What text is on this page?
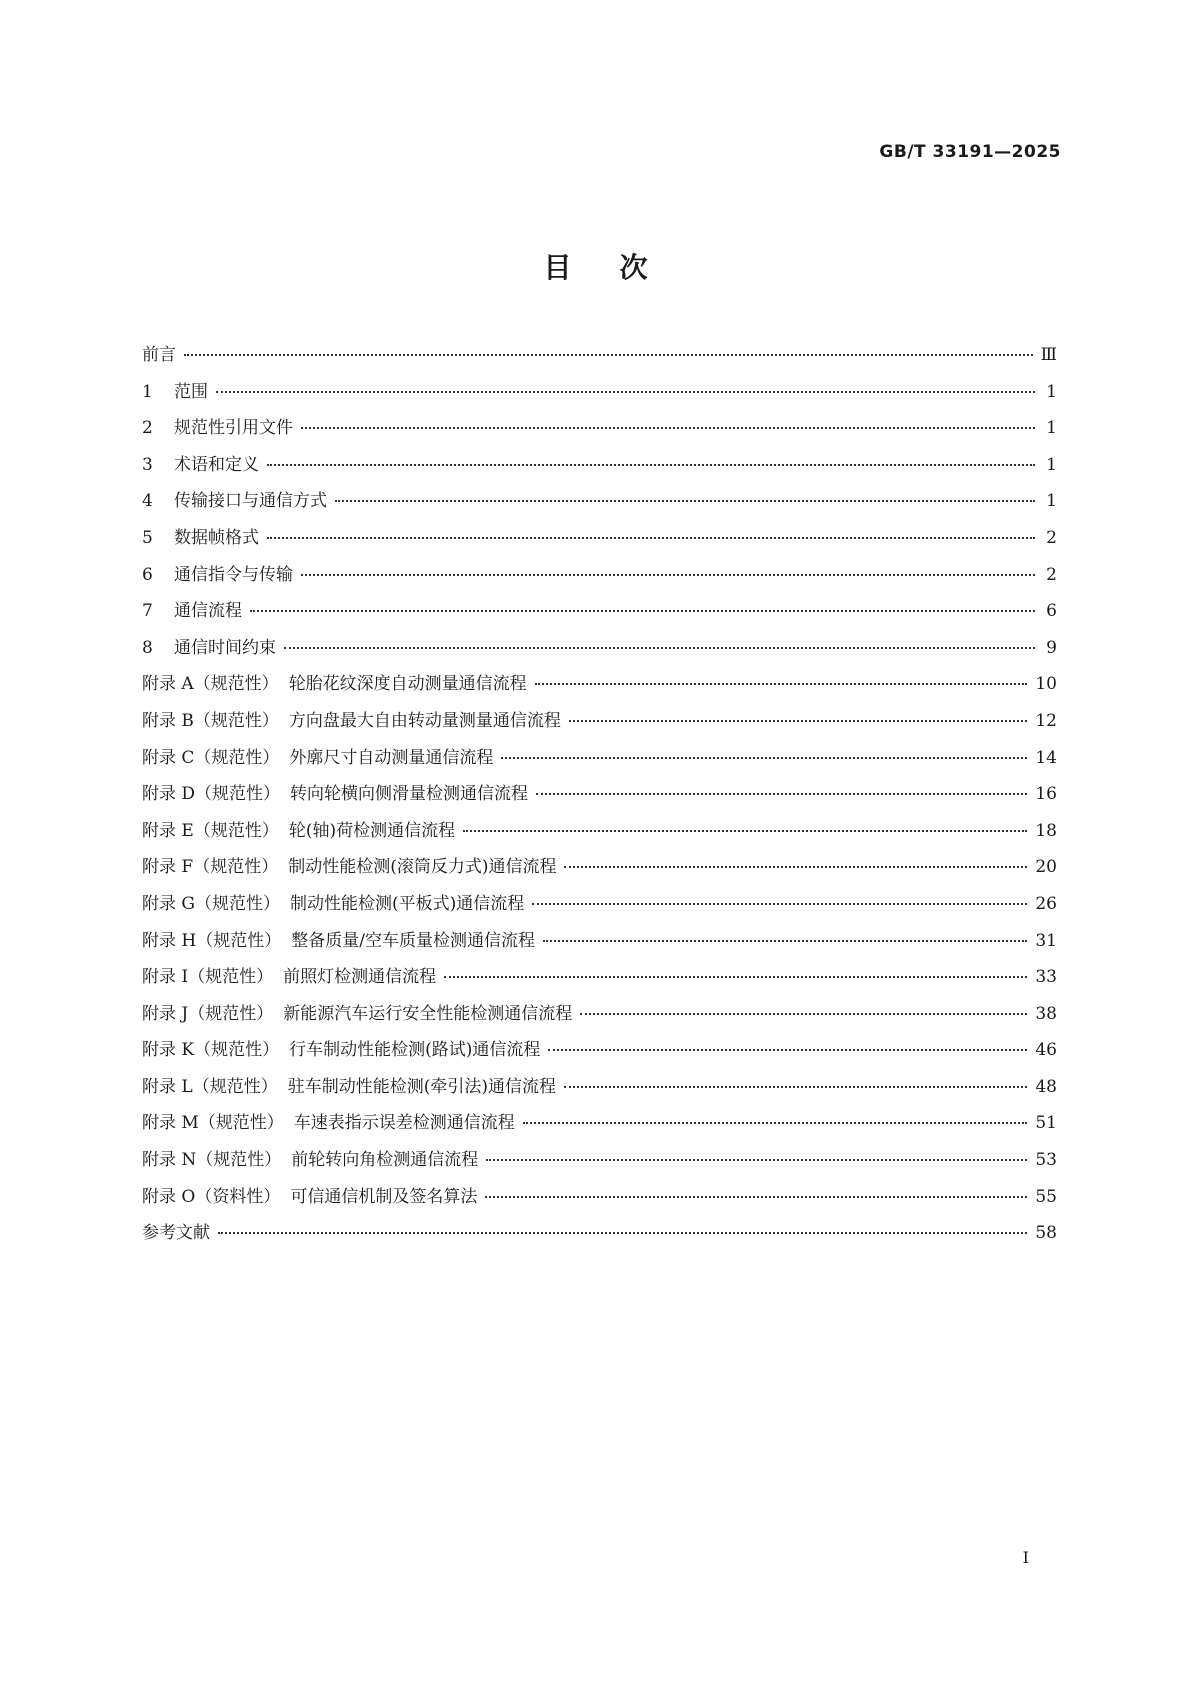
GB/T 33191—2025
目次
前言	Ⅲ
1	范围	1
2	规范性引用文件	1
3	术语和定义	1
4	传输接口与通信方式	1
5	数据帧格式	2
6	通信指令与传输	2
7	通信流程	6
8	通信时间约束	9
附录 A（规范性） 轮胎花纹深度自动测量通信流程	10
附录 B（规范性） 方向盘最大自由转动量测量通信流程	12
附录 C（规范性） 外廓尺寸自动测量通信流程	14
附录 D（规范性） 转向轮横向侧滑量检测通信流程	16
附录 E（规范性） 轮(轴)荷检测通信流程	18
附录 F（规范性） 制动性能检测(滚筒反力式)通信流程	20
附录 G（规范性） 制动性能检测(平板式)通信流程	26
附录 H（规范性） 整备质量/空车质量检测通信流程	31
附录 I（规范性） 前照灯检测通信流程	33
附录 J（规范性） 新能源汽车运行安全性能检测通信流程	38
附录 K（规范性） 行车制动性能检测(路试)通信流程	46
附录 L（规范性） 驻车制动性能检测(牵引法)通信流程	48
附录 M（规范性） 车速表指示误差检测通信流程	51
附录 N（规范性） 前轮转向角检测通信流程	53
附录 O（资料性） 可信通信机制及签名算法	55
参考文献	58
I
